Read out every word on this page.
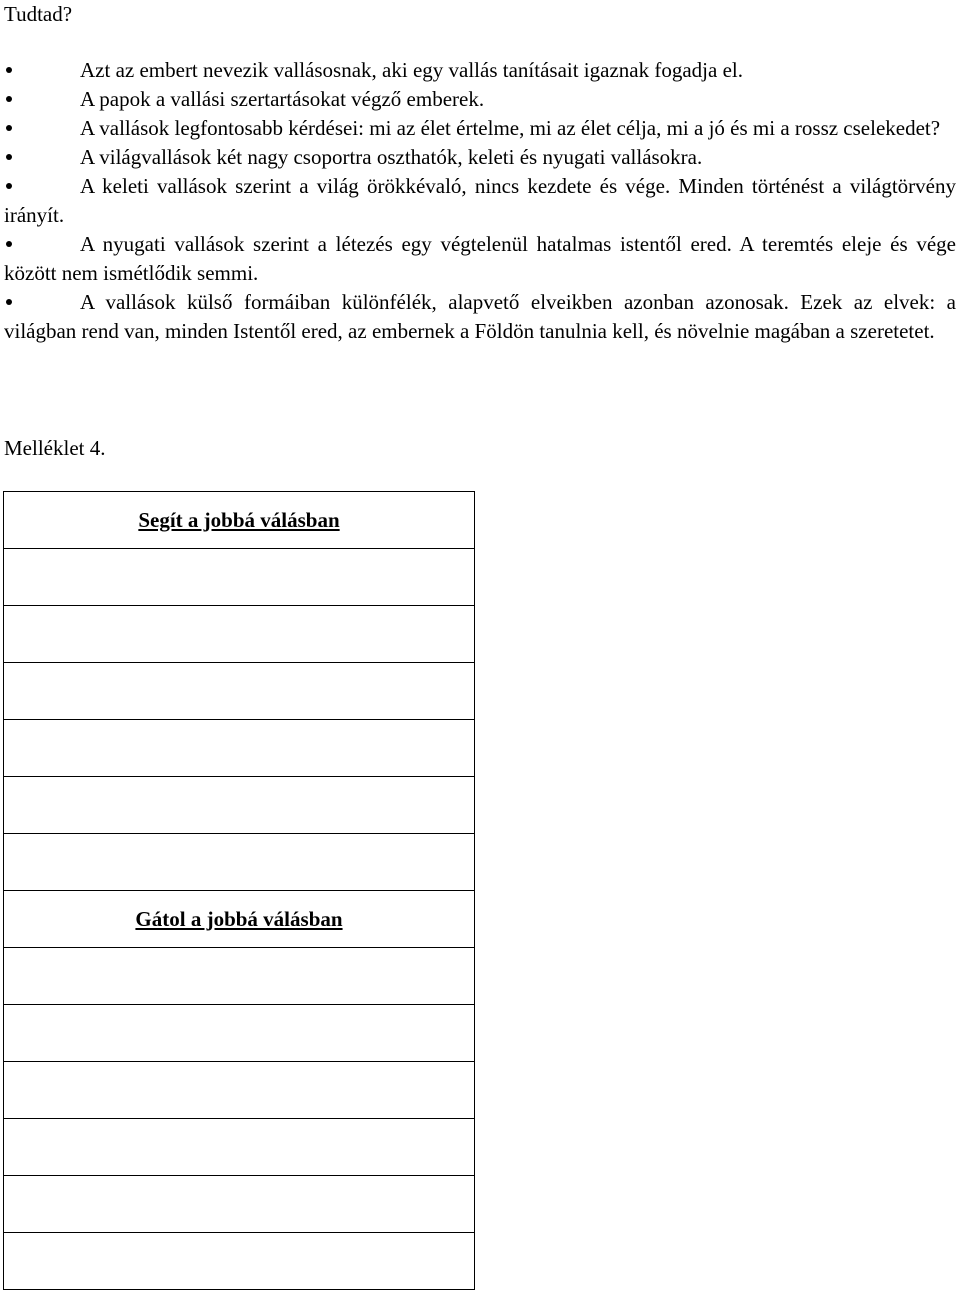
Tudtad?
Azt az embert nevezik vallásosnak, aki egy vallás tanításait igaznak fogadja el.
A papok a vallási szertartásokat végző emberek.
A vallások legfontosabb kérdései: mi az élet értelme, mi az élet célja, mi a jó és mi a rossz cselekedet?
A világvallások két nagy csoportra oszthatók, keleti és nyugati vallásokra.
A keleti vallások szerint a világ örökkévaló, nincs kezdete és vége. Minden történést a világtörvény irányít.
A nyugati vallások szerint a létezés egy végtelenül hatalmas istentől ered. A teremtés eleje és vége között nem ismétlődik semmi.
A vallások külső formáiban különfélék, alapvető elveikben azonban azonosak. Ezek az elvek: a világban rend van, minden Istentől ered, az embernek a Földön tanulnia kell, és növelnie magában a szeretetet.
Melléklet 4.
Segít a jobbá válásban

Gátol a jobbá válásban
